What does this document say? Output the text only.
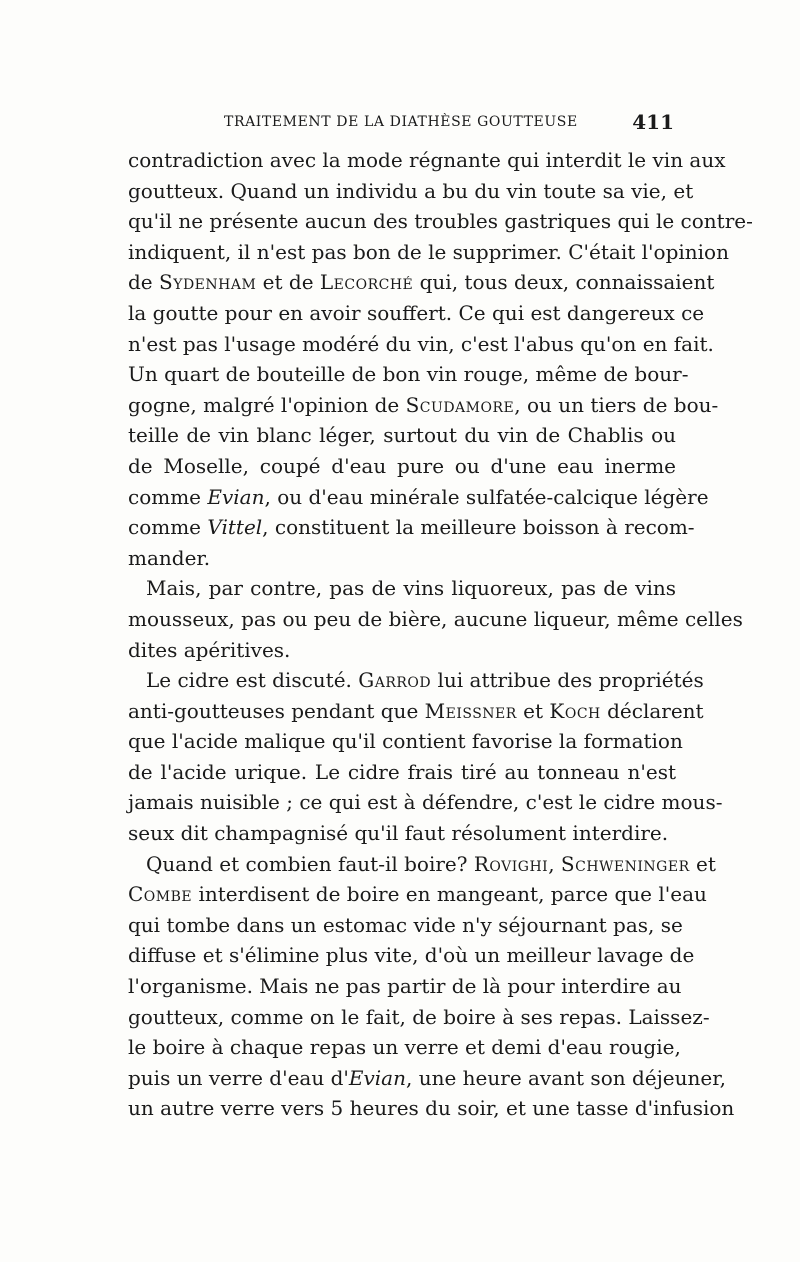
TRAITEMENT DE LA DIATHÈSE GOUTTEUSE	411
contradiction avec la mode régnante qui interdit le vin aux
goutteux. Quand un individu a bu du vin toute sa vie, et
qu'il ne présente aucun des troubles gastriques qui le contre-
indiquent, il n'est pas bon de le supprimer. C'était l'opinion
de Sydenham et de Lecorché qui, tous deux, connaissaient
la goutte pour en avoir souffert. Ce qui est dangereux ce
n'est pas l'usage modéré du vin, c'est l'abus qu'on en fait.
Un quart de bouteille de bon vin rouge, même de bour-
gogne, malgré l'opinion de Scudamore, ou un tiers de bou-
teille de vin blanc léger, surtout du vin de Chablis ou
de Moselle, coupé d'eau pure ou d'une eau inerme
comme Evian, ou d'eau minérale sulfatée-calcique légère
comme Vittel, constituent la meilleure boisson à recom-
mander.
Mais, par contre, pas de vins liquoreux, pas de vins
mousseux, pas ou peu de bière, aucune liqueur, même celles
dites apéritives.
Le cidre est discuté. Garrod lui attribue des propriétés
anti-goutteuses pendant que Meissner et Koch déclarent
que l'acide malique qu'il contient favorise la formation
de l'acide urique. Le cidre frais tiré au tonneau n'est
jamais nuisible ; ce qui est à défendre, c'est le cidre mous-
seux dit champagnisé qu'il faut résolument interdire.
Quand et combien faut-il boire? Rovighi, Schweninger et
Combe interdisent de boire en mangeant, parce que l'eau
qui tombe dans un estomac vide n'y séjournant pas, se
diffuse et s'élimine plus vite, d'où un meilleur lavage de
l'organisme. Mais ne pas partir de là pour interdire au
goutteux, comme on le fait, de boire à ses repas. Laissez-
le boire à chaque repas un verre et demi d'eau rougie,
puis un verre d'eau d'Evian, une heure avant son déjeuner,
un autre verre vers 5 heures du soir, et une tasse d'infusion
